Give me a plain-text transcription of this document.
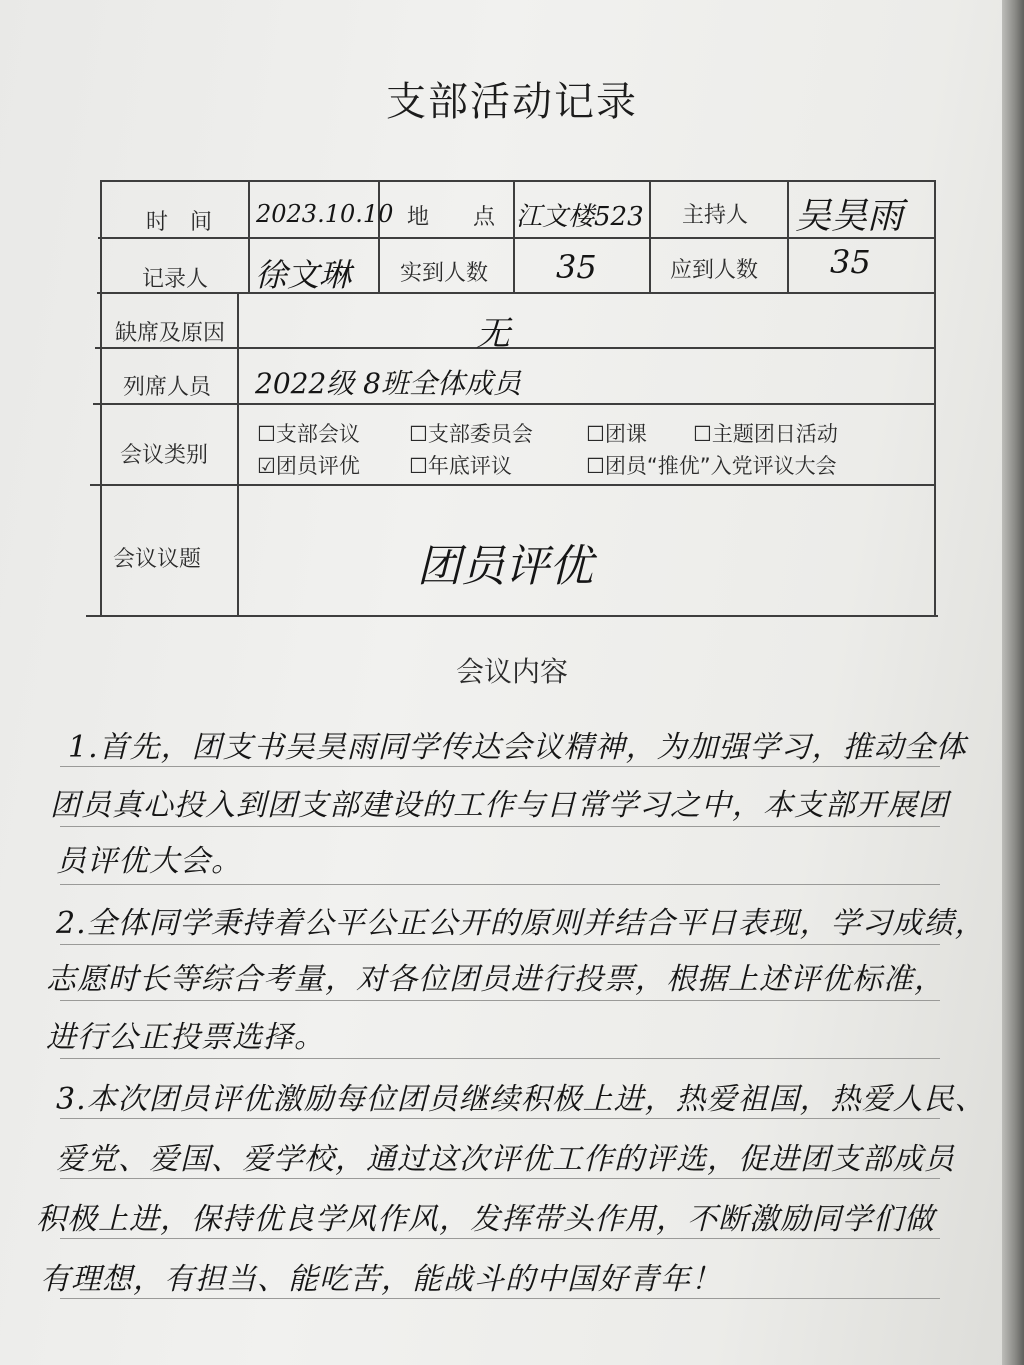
支部活动记录
时　间 2023.10.10 地　　点 江文楼523 主持人 吴昊雨
记录人 徐文琳 实到人数 35	应到人数 35
缺席及原因	无
列席人员 2022级 8班全体成员
会议类别
☐支部会议 ☐支部委员会	☐团课 ☐主题团日活动
☑团员评优 ☐年底评议	☐团员“推优”入党评议大会
会议议题	团员评优
会议内容
1.首先，团支书吴昊雨同学传达会议精神，为加强学习，推动全体
团员真心投入到团支部建设的工作与日常学习之中，本支部开展团
员评优大会。
2.全体同学秉持着公平公正公开的原则并结合平日表现，学习成绩，
志愿时长等综合考量，对各位团员进行投票，根据上述评优标准，
进行公正投票选择。
3.本次团员评优激励每位团员继续积极上进，热爱祖国，热爱人民、
爱党、爱国、爱学校，通过这次评优工作的评选，促进团支部成员
积极上进，保持优良学风作风，发挥带头作用，不断激励同学们做
有理想，有担当、能吃苦，能战斗的中国好青年！
